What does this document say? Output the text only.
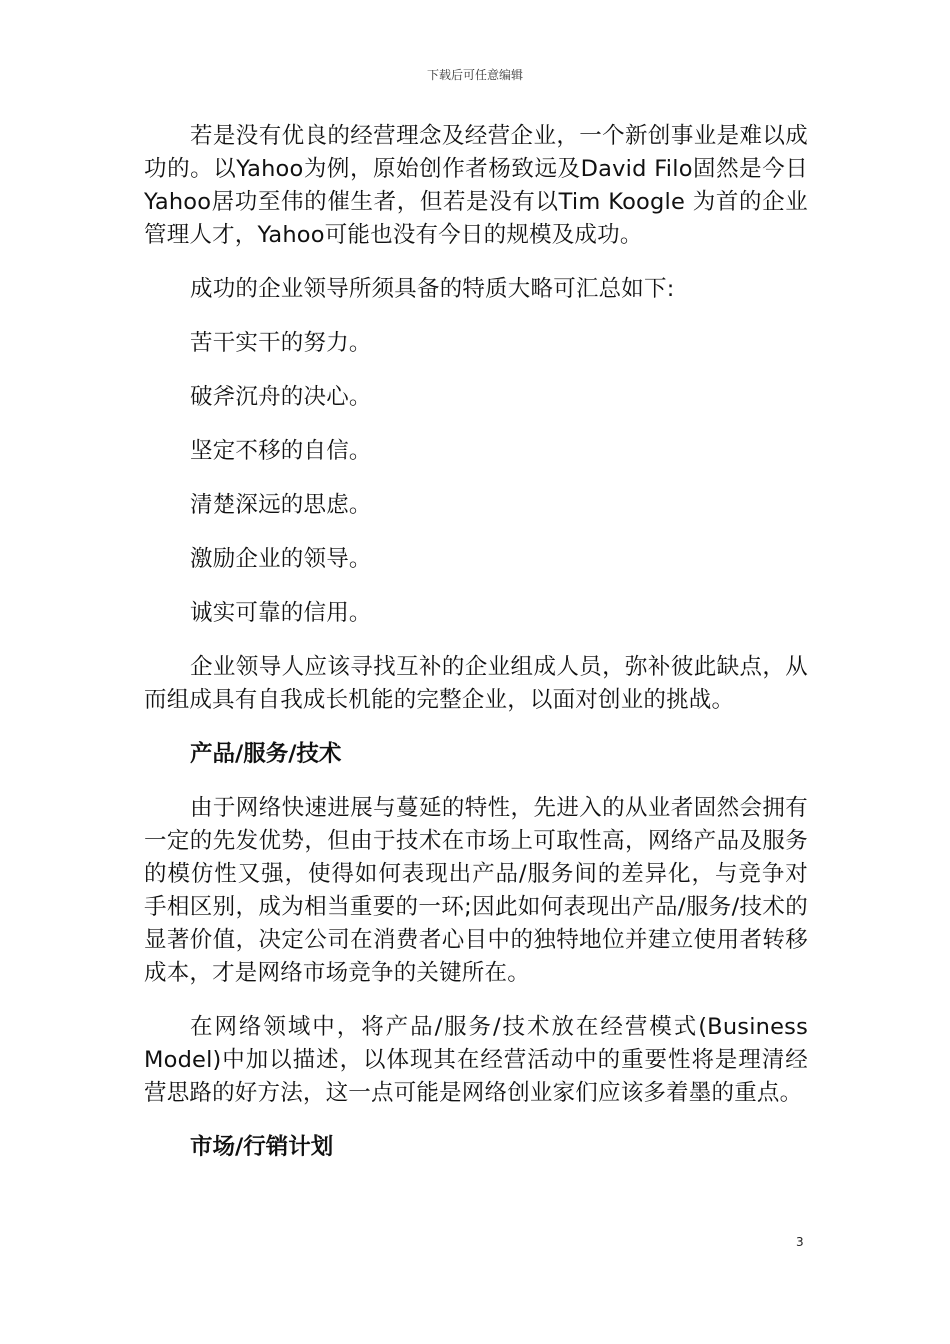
下载后可任意编辑

若是没有优良的经营理念及经营企业，一个新创事业是难以成功的。以Yahoo为例，原始创作者杨致远及David Filo固然是今日Yahoo居功至伟的催生者，但若是没有以Tim Koogle 为首的企业管理人才，Yahoo可能也没有今日的规模及成功。

成功的企业领导所须具备的特质大略可汇总如下:

苦干实干的努力。

破斧沉舟的决心。

坚定不移的自信。

清楚深远的思虑。

激励企业的领导。

诚实可靠的信用。

企业领导人应该寻找互补的企业组成人员，弥补彼此缺点，从而组成具有自我成长机能的完整企业，以面对创业的挑战。

产品/服务/技术

由于网络快速进展与蔓延的特性，先进入的从业者固然会拥有一定的先发优势，但由于技术在市场上可取性高，网络产品及服务的模仿性又强，使得如何表现出产品/服务间的差异化，与竞争对手相区别，成为相当重要的一环;因此如何表现出产品/服务/技术的显著价值，决定公司在消费者心目中的独特地位并建立使用者转移成本，才是网络市场竞争的关键所在。

在网络领域中，将产品/服务/技术放在经营模式(Business Model)中加以描述，以体现其在经营活动中的重要性将是理清经营思路的好方法，这一点可能是网络创业家们应该多着墨的重点。

市场/行销计划
3
